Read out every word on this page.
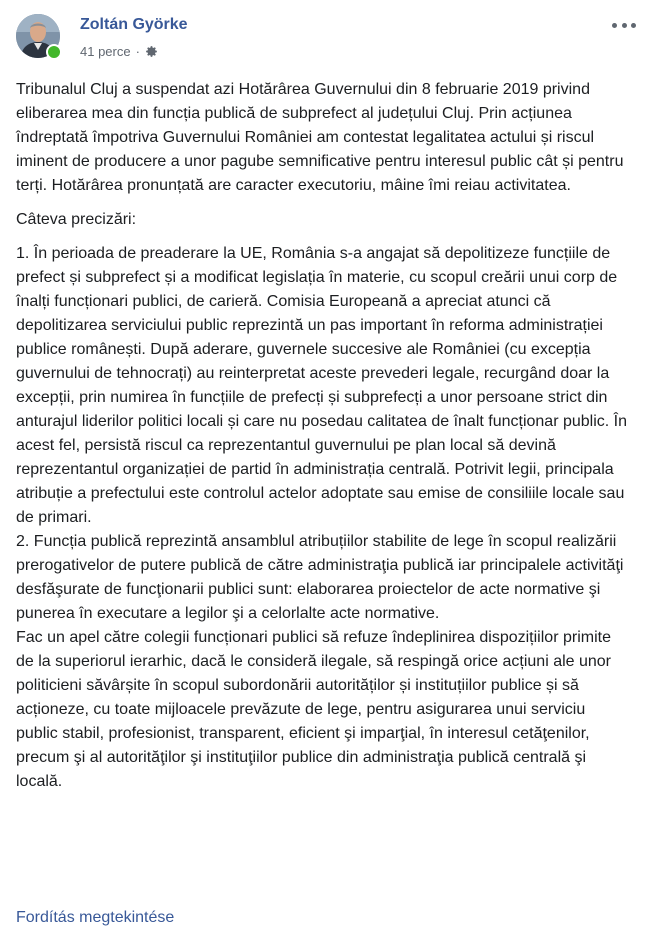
Zoltán Györke
41 perce ·

Tribunalul Cluj a suspendat azi Hotărârea Guvernului din 8 februarie 2019 privind eliberarea mea din funcția publică de subprefect al județului Cluj. Prin acțiunea îndreptată împotriva Guvernului României am contestat legalitatea actului și riscul iminent de producere a unor pagube semnificative pentru interesul public cât și pentru terți. Hotărârea pronunțată are caracter executoriu, mâine îmi reiau activitatea.

Câteva precizări:

1. În perioada de preaderare la UE, România s-a angajat să depolitizeze funcțiile de prefect și subprefect și a modificat legislația în materie, cu scopul creării unui corp de înalți funcționari publici, de carieră. Comisia Europeană a apreciat atunci că depolitizarea serviciului public reprezintă un pas important în reforma administrației publice românești. După aderare, guvernele succesive ale României (cu excepția guvernului de tehnocrați) au reinterpretat aceste prevederi legale, recurgând doar la excepții, prin numirea în funcțiile de prefecți și subprefecți a unor persoane strict din anturajul liderilor politici locali și care nu posedau calitatea de înalt funcționar public. În acest fel, persistă riscul ca reprezentantul guvernului pe plan local să devină reprezentantul organizației de partid în administrația centrală. Potrivit legii, principala atribuție a prefectului este controlul actelor adoptate sau emise de consiliile locale sau de primari.

2. Funcția publică reprezintă ansamblul atribuțiilor stabilite de lege în scopul realizării prerogativelor de putere publică de către administraţia publică iar principalele activităţi desfăşurate de funcţionarii publici sunt: elaborarea proiectelor de acte normative şi punerea în executare a legilor şi a celorlalte acte normative.

Fac un apel către colegii funcționari publici să refuze îndeplinirea dispozițiilor primite de la superiorul ierarhic, dacă le consideră ilegale, să respingă orice acțiuni ale unor politicieni săvârșite în scopul subordonării autorităților și instituțiilor publice și să acționeze, cu toate mijloacele prevăzute de lege, pentru asigurarea unui serviciu public stabil, profesionist, transparent, eficient şi imparţial, în interesul cetăţenilor, precum şi al autorităţilor şi instituţiilor publice din administraţia publică centrală şi locală.

Fordítás megtekintése
